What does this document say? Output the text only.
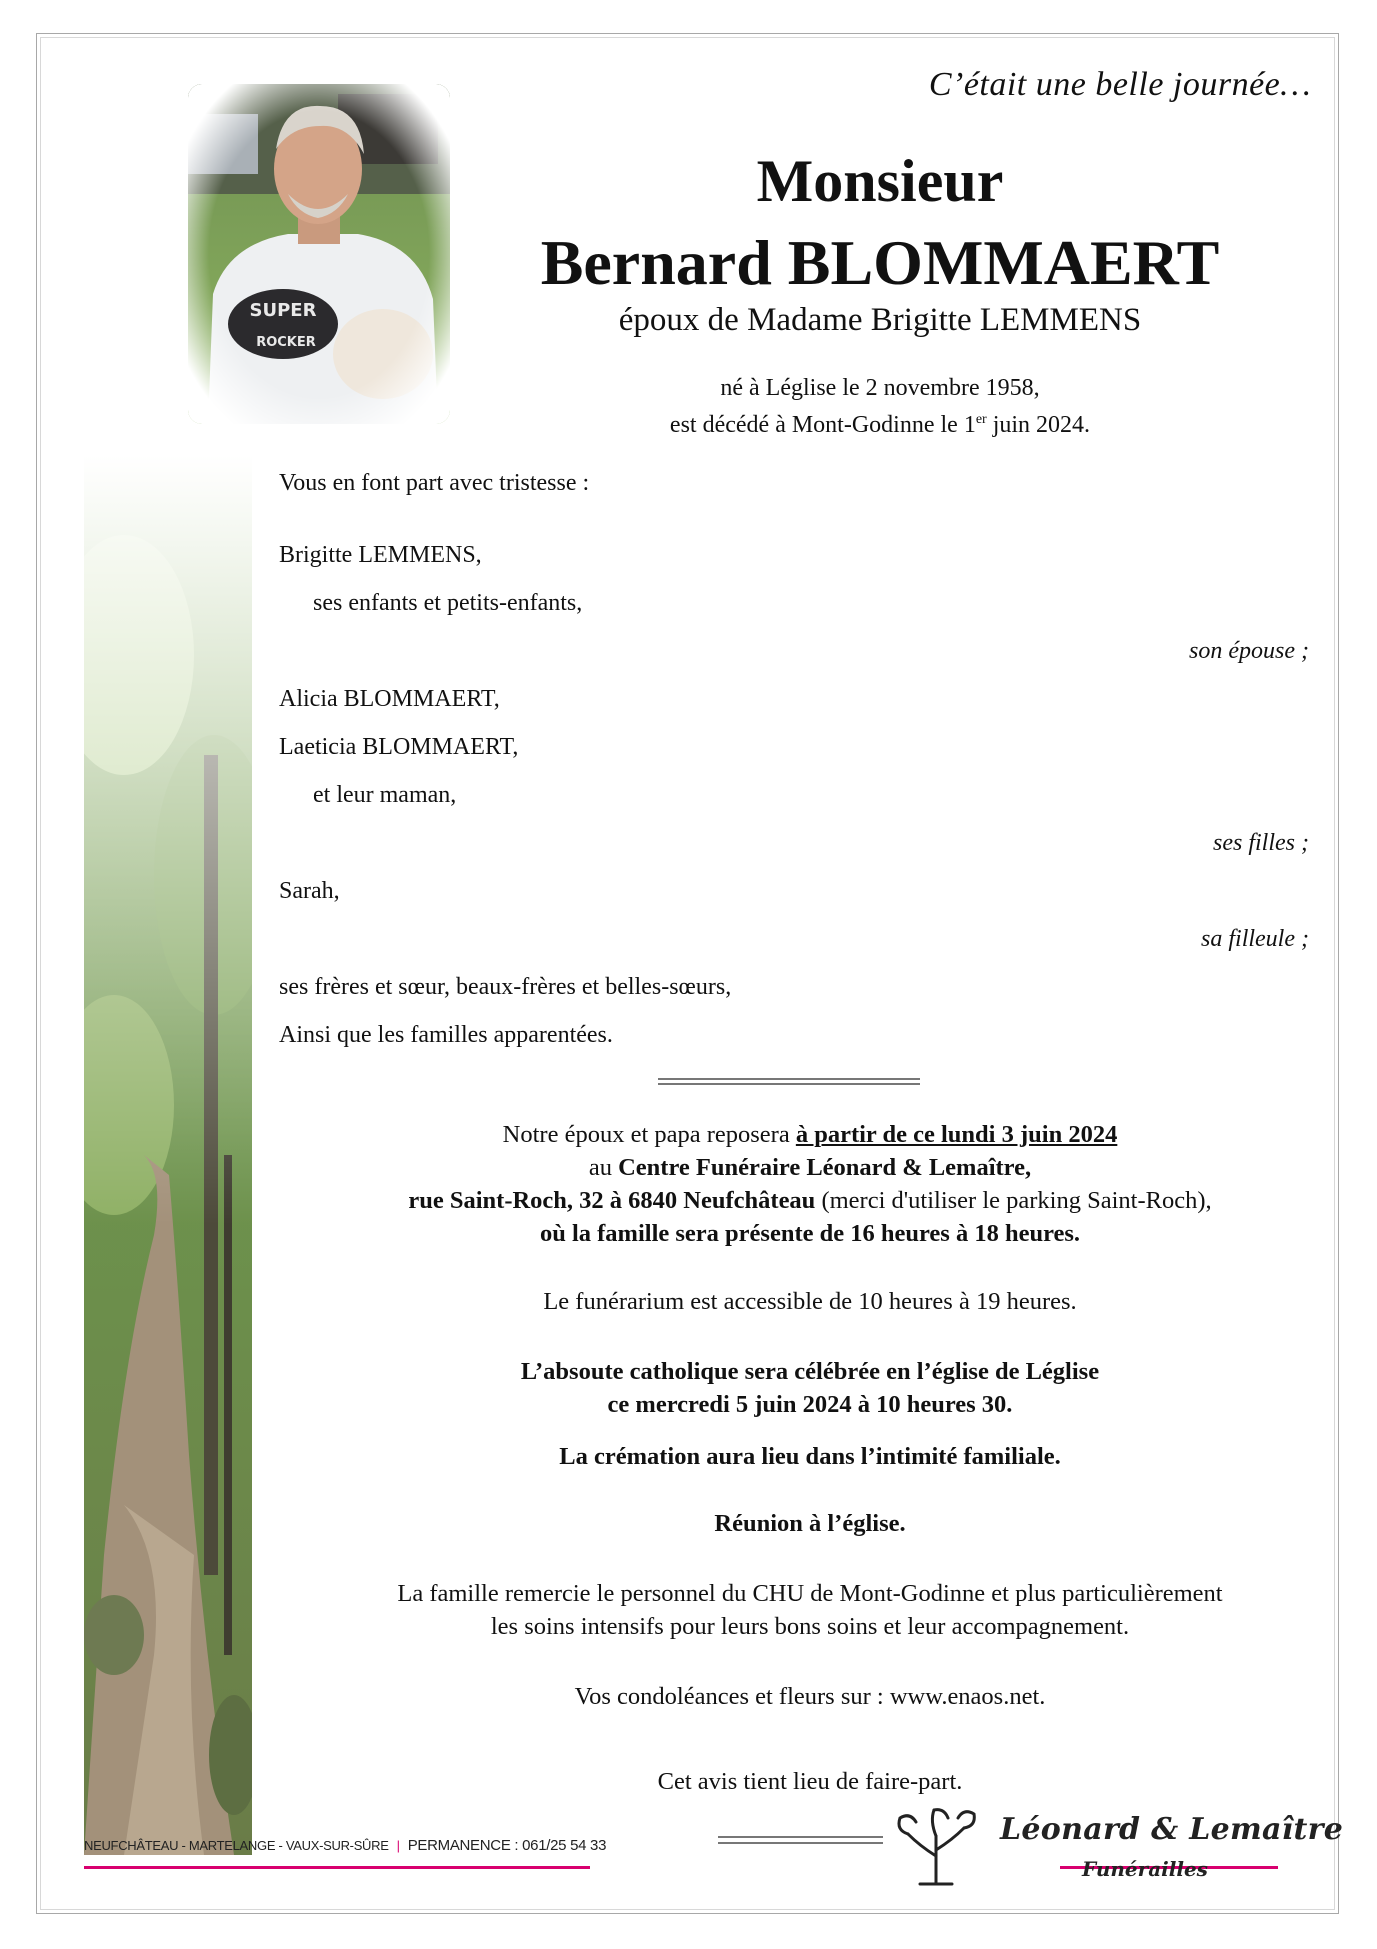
C’était une belle journée…
Monsieur
Bernard BLOMMAERT
époux de Madame Brigitte LEMMENS
né à Léglise le 2 novembre 1958,
est décédé à Mont-Godinne le 1er juin 2024.
Vous en font part avec tristesse :
Brigitte LEMMENS,
ses enfants et petits-enfants,
son épouse ;
Alicia BLOMMAERT,
Laeticia BLOMMAERT,
et leur maman,
ses filles ;
Sarah,
sa filleule ;
ses frères et sœur, beaux-frères et belles-sœurs,
Ainsi que les familles apparentées.
Notre époux et papa reposera à partir de ce lundi 3 juin 2024
au Centre Funéraire Léonard & Lemaître,
rue Saint-Roch, 32 à 6840 Neufchâteau (merci d'utiliser le parking Saint-Roch),
où la famille sera présente de 16 heures à 18 heures.
Le funérarium est accessible de 10 heures à 19 heures.
L’absoute catholique sera célébrée en l’église de Léglise
ce mercredi 5 juin 2024 à 10 heures 30.
La crémation aura lieu dans l’intimité familiale.
Réunion à l’église.
La famille remercie le personnel du CHU de Mont-Godinne et plus particulièrement
les soins intensifs pour leurs bons soins et leur accompagnement.
Vos condoléances et fleurs sur : www.enaos.net.
Cet avis tient lieu de faire-part.
NEUFCHÂTEAU - MARTELANGE - VAUX-SUR-SÛRE | PERMANENCE : 061/25 54 33	Léonard & Lemaître
Funérailles
